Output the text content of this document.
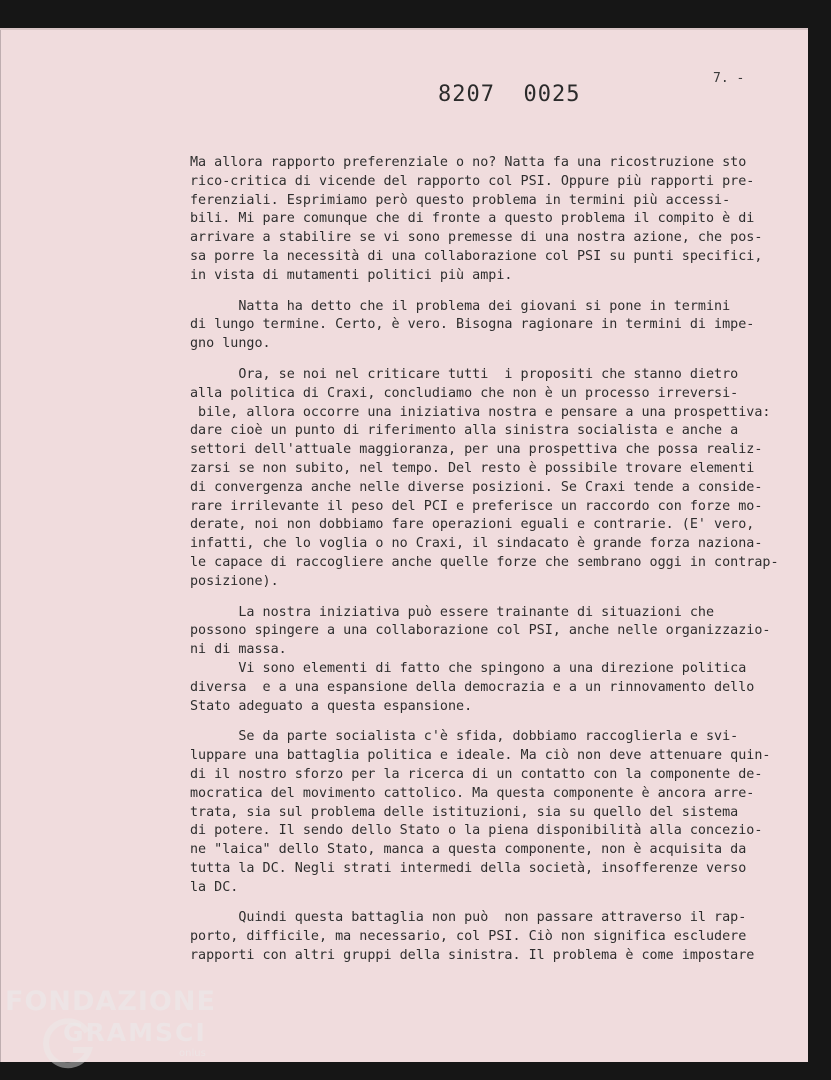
7. -
8207  0025
Ma allora rapporto preferenziale o no? Natta fa una ricostruzione sto
rico-critica di vicende del rapporto col PSI. Oppure più rapporti pre-
ferenziali. Esprimiamo però questo problema in termini più accessi-
bili. Mi pare comunque che di fronte a questo problema il compito è di
arrivare a stabilire se vi sono premesse di una nostra azione, che pos-
sa porre la necessità di una collaborazione col PSI su punti specifici,
in vista di mutamenti politici più ampi.
Natta ha detto che il problema dei giovani si pone in termini
di lungo termine. Certo, è vero. Bisogna ragionare in termini di impe-
gno lungo.
Ora, se noi nel criticare tutti  i propositi che stanno dietro
alla politica di Craxi, concludiamo che non è un processo irreversi-
bile, allora occorre una iniziativa nostra e pensare a una prospettiva:
dare cioè un punto di riferimento alla sinistra socialista e anche a
settori dell'attuale maggioranza, per una prospettiva che possa realiz-
zarsi se non subito, nel tempo. Del resto è possibile trovare elementi
di convergenza anche nelle diverse posizioni. Se Craxi tende a conside-
rare irrilevante il peso del PCI e preferisce un raccordo con forze mo-
derate, noi non dobbiamo fare operazioni eguali e contrarie. (E' vero,
infatti, che lo voglia o no Craxi, il sindacato è grande forza naziona-
le capace di raccogliere anche quelle forze che sembrano oggi in contrap-
posizione).
La nostra iniziativa può essere trainante di situazioni che
possono spingere a una collaborazione col PSI, anche nelle organizzazio-
ni di massa.
Vi sono elementi di fatto che spingono a una direzione politica
diversa  e a una espansione della democrazia e a un rinnovamento dello
Stato adeguato a questa espansione.
Se da parte socialista c'è sfida, dobbiamo raccoglierla e svi-
luppare una battaglia politica e ideale. Ma ciò non deve attenuare quin-
di il nostro sforzo per la ricerca di un contatto con la componente de-
mocratica del movimento cattolico. Ma questa componente è ancora arre-
trata, sia sul problema delle istituzioni, sia su quello del sistema
di potere. Il sendo dello Stato o la piena disponibilità alla concezio-
ne "laica" dello Stato, manca a questa componente, non è acquisita da
tutta la DC. Negli strati intermedi della società, insofferenze verso
la DC.
Quindi questa battaglia non può  non passare attraverso il rap-
porto, difficile, ma necessario, col PSI. Ciò non significa escludere
rapporti con altri gruppi della sinistra. Il problema è come impostare
FONDAZIONE
GRAMSCI
onlus
